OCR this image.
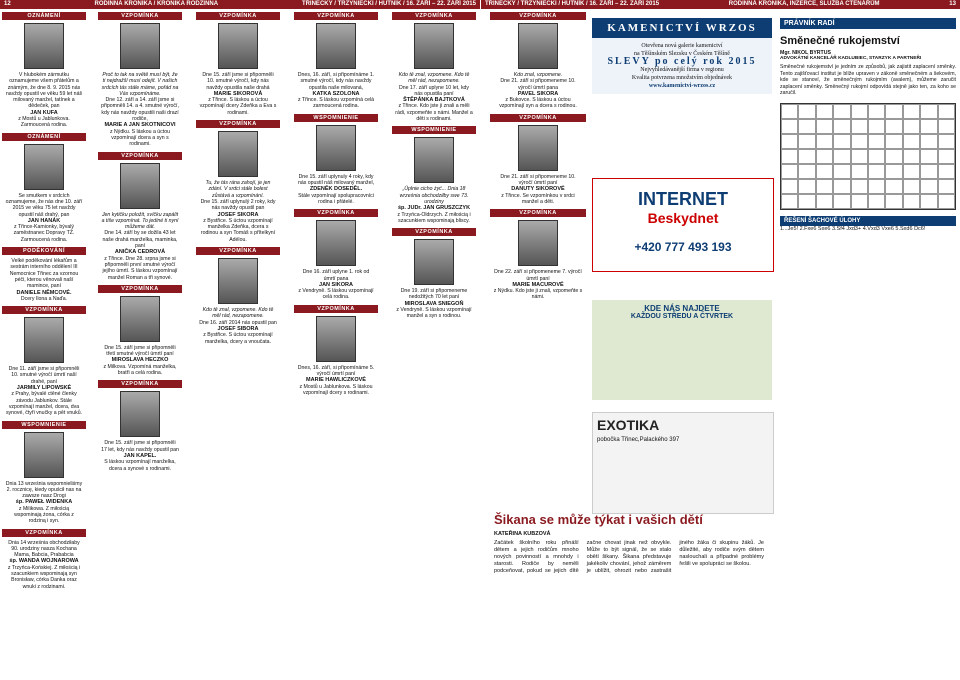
12	RODINNÁ KRONIKA / KRONIKA RODZINNA	TŘINECKÝ / TRZYNIECKI / HUTNÍK / 16. ZÁŘÍ – 22. ZÁŘÍ 2015 TŘINECKÝ / TRZYNIECKI / HUTNÍK / 16. ZÁŘÍ – 22. ZÁŘÍ 2015	RODINNÁ KRONIKA, INZERCE, SLUŽBA ČTENÁŘŮM	13
OZNÁMENÍ
V hlubokém zármutku oznamujeme všem přátelům a známým, že dne 8. 9. 2015 nás navždy opustil ve věku 59 let náš milovaný manžel, tatínek a dědeček, pan
JAN KUFA
z Mostů u Jablunkova. Zarmoucená rodina.
OZNÁMENÍ
Se smutkem v srdcích oznamujeme, že nás dne 10. září 2015 ve věku 75 let navždy opustil náš drahý, pan
JAN HANÁK
z Třince-Kamionky, bývalý zaměstnanec Dopravy TŽ. Zarmoucená rodina.
PODĚKOVÁNÍ
Velké poděkování lékařům a sestrám interního oddělení III Nemocnice Třinec za vzornou péči, kterou věnovali naší mamince, paní
DANIELE NĚMCOVÉ.
Dcery Ilona a Naďa.
VZPOMÍNKA
Dne 11. září jsme si připomněli 10. smutné výročí úmrtí naší drahé, paní
JARMILY LIPOWSKÉ
z Prahy, bývalé ctěné členky závodu Jablunkov. Stále vzpomínají manžel, dcera, dva synové, čtyři vnučky a pět vnuků.
WSPOMNIENIE
Dnia 13 września wspomnieliśmy 2. rocznicę, kiedy opuścił nas na zawsze nasz Drogi
śp. PAWEŁ WIDENKA
z Milikowa. Z miłością wspominają żona, córka z rodziną i syn.
VZPOMÍNKA
Dnia 14 września obchodziłaby 90. urodziny nasza Kochana Mama, Babcia, Prababcia
śp. WANDA WOJNAROWA
z Trzyńca-Końskiej. Z miłością i szacunkiem wspominają syn Bronisław, córka Danka oraz wnuki z rodzinami.
VZPOMÍNKA
Proč to tak na světě musí být, že ti nejdražší musí odejít. V našich srdcích tás stále máme, pořád na Vás vzpomínáme.
Dne 12. září a 14. září jsme si připomněli 14. a 4. smutné výročí, kdy nás navždy opustili naši drazí rodiče,
MARIE A JAN SKOTNICOVI
z Nýdku. S láskou a úctou vzpomínají dcera a syn s rodinami.
VZPOMÍNKA
Jen kytičku položit, svíčku zapálit a tiše vzpomínat. To jediné ti nyní můžeme dát.
Dne 14. září by se dožila 43 let naše drahá manželka, maminka, paní
ANIČKA CEDROVÁ
z Třince. Dne 28. srpna jsme si připomněli první smutné výročí jejího úmrtí. S láskou vzpomínají manžel Roman a tři synové.
VZPOMÍNKA
Dne 15. září jsme si připomněli třetí smutné výročí úmrtí paní
MIROSLAVA HECZKO
z Milkova. Vzpomíná manželka, bratři a celá rodina.
VZPOMÍNKA
Dne 15. září jsme si připomněli 17 let, kdy nás navždy opustil pan
JAN KAPEL.
S láskou vzpomínají manželka, dcera a synové s rodinami.
VZPOMÍNKA
Dne 15. září jsme si připomněli 10. smutné výročí, kdy nás navždy opustila naše drahá
MARIE SIKOROVÁ
z Třince. S láskou a úctou vzpomínají dcery Zdeňka a Eva s rodinami.
VZPOMÍNKA
Tu, že tás rána zahojí, je jen zdání. V srdci stále bolest zůstává a vzpomínání.
Dne 15. září uplynulý 2 roky, kdy nás navždy opustil pan
JOSEF SIKORA
z Bystřice. S úctou vzpomínají manželka Zdeňka, dcera s rodinou a syn Tomáš s přítelkyní Adélou.
VZPOMÍNKA
Kdo tě znal, vzpomene. Kdo tě měl rád, nezapomene.
Dne 16. září 2014 nás opustil pan
JOSEF SIBORA
z Bystřice. S úctou vzpomínají manželka, dcery a vnoučata.
VZPOMÍNKA
Dnes, 16. září, si připomínáme 1. smutné výročí, kdy nás navždy opustila naše milovaná,
KATKA SZOLONA
z Třince. S láskou vzpomíná celá zarmoucená rodina.
WSPOMNIENIE
Dne 15. září uplynuly 4 roky, kdy nás opustil náš milovaný manžel,
ZDENĚK DOSEDĚL.
Stále vzpomínají spolupracovníci rodina i přátelé.
VZPOMÍNKA
Dne 16. září uplyne 1. rok od úmrtí pana
JAN SIKORA
z Vendryně. S láskou vzpomínají celá rodina.
VZPOMÍNKA
Dnes, 16. září, si připomínáme 5. výročí úmrtí paní
MARIE HAWLICZKOVÉ
z Mostů u Jablunkova. S láskou vzpomínají dcery s rodinami.
VZPOMÍNKA
Kdo tě znal, vzpomene. Kdo tě měl rád, nezapomene.
Dne 17. září uplyne 10 let, kdy nás opustila paní
ŠTĚPÁNKA BAJTKOVÁ
z Třince. Kdo jste ji znali a měli rádi, vzpomeňte s námi. Manžel a děti s rodinami.
WSPOMNIENIE
„Úplnie cicho żyć... Dnia 18 września obchodziłby swe 73. urodziny

śp. JUDr. JAN GRUSZCZYK
z Trzyńca-Oldrzych. Z miłością i szacunkiem wspominają bliscy.
VZPOMÍNKA
Dne 19. září si připomeneme nedožitých 70 let paní
MIROSLAVA SNIEGOŇ
z Vendryně. S láskou vzpomínají manžel a syn s rodinou.
VZPOMÍNKA
Kdo znal, vzpomene.
Dne 21. září si připomeneme 10. výročí úmrtí pana
PAVEL SIKORA
z Bukovce. S láskou a úctou vzpomínají syn a dcera s rodinou.
VZPOMÍNKA
Dne 21. září si připomeneme 10. výročí úmrtí paní
DANUTY SIKOROVÉ
z Třince. Se vzpomínkou v srdci manžel a děti.
VZPOMÍNKA
Dne 22. září si připomeneme 7. výročí úmrtí paní
MARIE MACUROVÉ
z Nýdku. Kdo jste ji znali, vzpomeňte s námi.
KAMENICTVÍ WRZOS
Otevřena nová galerie kamenictví
na Těšínském Slezsku v Českém Těšíně
SLEVY po celý rok 2015
Nejvyhledávanější firma v regionu
Kvalita potvrzena množstvím objednávek
www.kamenictvi-wrzos.cz
INTERNET
Beskydnet
+420 777 493 193
KDE NÁS NAJDETE
KAŽDOU STŘEDU A ČTVRTEK
EXOTIKA
pobočka Třinec,Palackého 397
Šikana se může týkat i vašich dětí
KATEŘINA KUBZOVÁ
Začátek školního roku přináší dětem a jejich rodičům mnoho nových povinností a mnohdy i starosti. Rodiče by neměli podceňovat, pokud se jejich dítě začne chovat jinak než obvykle. Může to být signál, že se stalo obětí šikany. Šikana představuje jakékoliv chování, jehož záměrem je ublížit, ohrozit nebo zastrašit jiného žáka či skupinu žáků. Je důležité, aby rodiče svým dětem naslouchali a případné problémy řešili ve spolupráci se školou.
PRÁVNÍK RADÍ
Směnečné rukojemství
Mgr. NIKOL BYRTUS
ADVOKÁTNÍ KANCELÁŘ KADLUBIEC, STARZYK A PARTNEŘI
Směnečné rukojemství je jedním ze způsobů, jak zajistit zaplacení směnky. Tento zajišťovací institut je blíže upraven v zákoně směnečném a šekovém, kde se stanoví, že směnečným rukojmím (avalem), můžeme zaručit zaplacení směnky. Směnečný rukojmí odpovídá stejně jako ten, za koho se zaručil.
ŘEŠENÍ ŠACHOVÉ ÚLOHY
1...Je5! 2.Fxe6 Sxe6 3.Sf4 Jxd3+ 4.Vxd3 Vxe6 5.Sxd6 Dc6!
